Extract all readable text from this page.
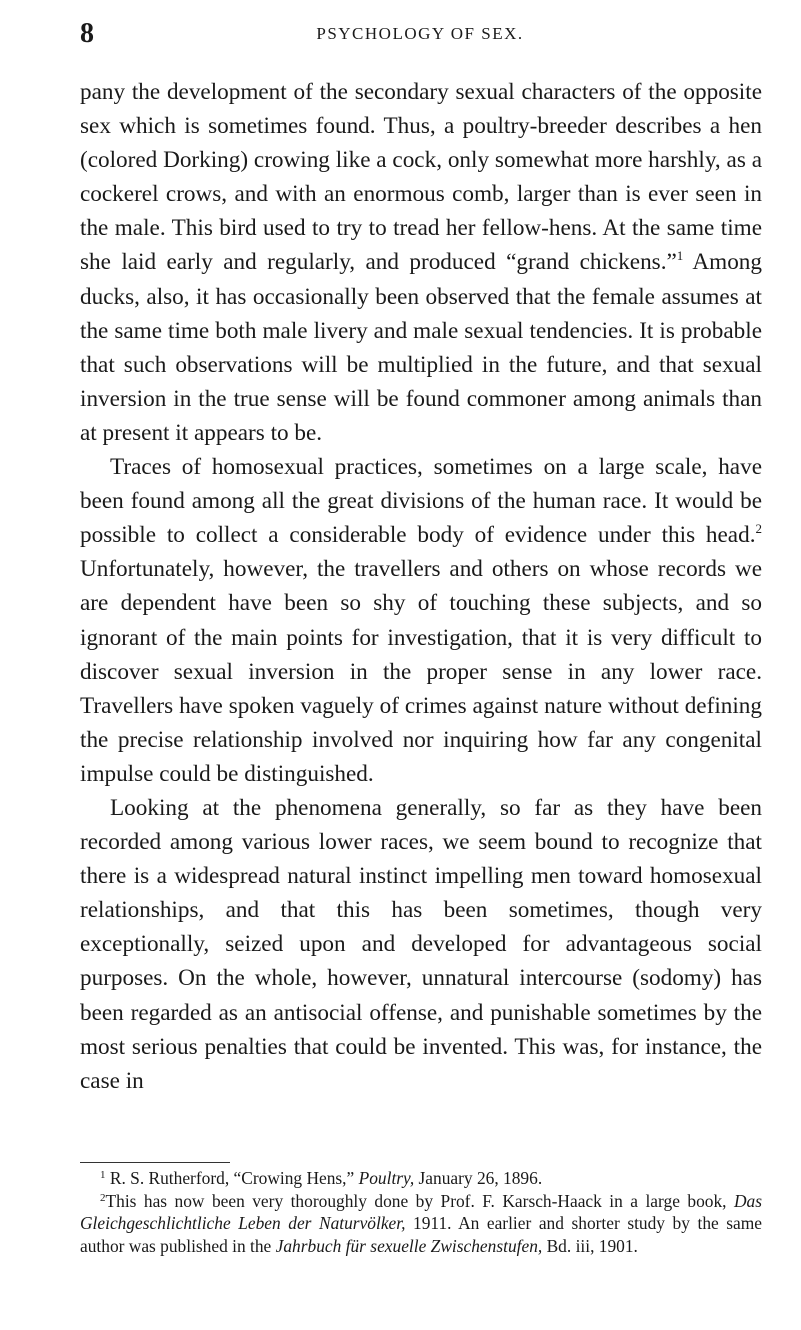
8	PSYCHOLOGY OF SEX.

pany the development of the secondary sexual characters of the opposite sex which is sometimes found. Thus, a poultry-breeder describes a hen (colored Dorking) crowing like a cock, only somewhat more harshly, as a cockerel crows, and with an enormous comb, larger than is ever seen in the male. This bird used to try to tread her fellow-hens. At the same time she laid early and regularly, and produced “grand chickens.”$^1$ Among ducks, also, it has occasionally been observed that the female assumes at the same time both male livery and male sexual tendencies. It is probable that such observations will be multiplied in the future, and that sexual inversion in the true sense will be found commoner among animals than at present it appears to be.

Traces of homosexual practices, sometimes on a large scale, have been found among all the great divisions of the human race. It would be possible to collect a considerable body of evidence under this head.$^2$ Unfortunately, however, the travellers and others on whose records we are dependent have been so shy of touching these subjects, and so ignorant of the main points for investigation, that it is very difficult to discover sexual inversion in the proper sense in any lower race. Travellers have spoken vaguely of crimes against nature without defining the precise relationship involved nor inquiring how far any congenital impulse could be distinguished.

Looking at the phenomena generally, so far as they have been recorded among various lower races, we seem bound to recognize that there is a widespread natural instinct impelling men toward homosexual relationships, and that this has been sometimes, though very exceptionally, seized upon and developed for advantageous social purposes. On the whole, however, unnatural intercourse (sodomy) has been regarded as an antisocial offense, and punishable sometimes by the most serious penalties that could be invented. This was, for instance, the case in

$^1$ R. S. Rutherford, “Crowing Hens,” Poultry, January 26, 1896.

$^2$This has now been very thoroughly done by Prof. F. Karsch-Haack in a large book, Das Gleichgeschlichtliche Leben der Naturvölker, 1911. An earlier and shorter study by the same author was published in the Jahrbuch für sexuelle Zwischenstufen, Bd. iii, 1901.
